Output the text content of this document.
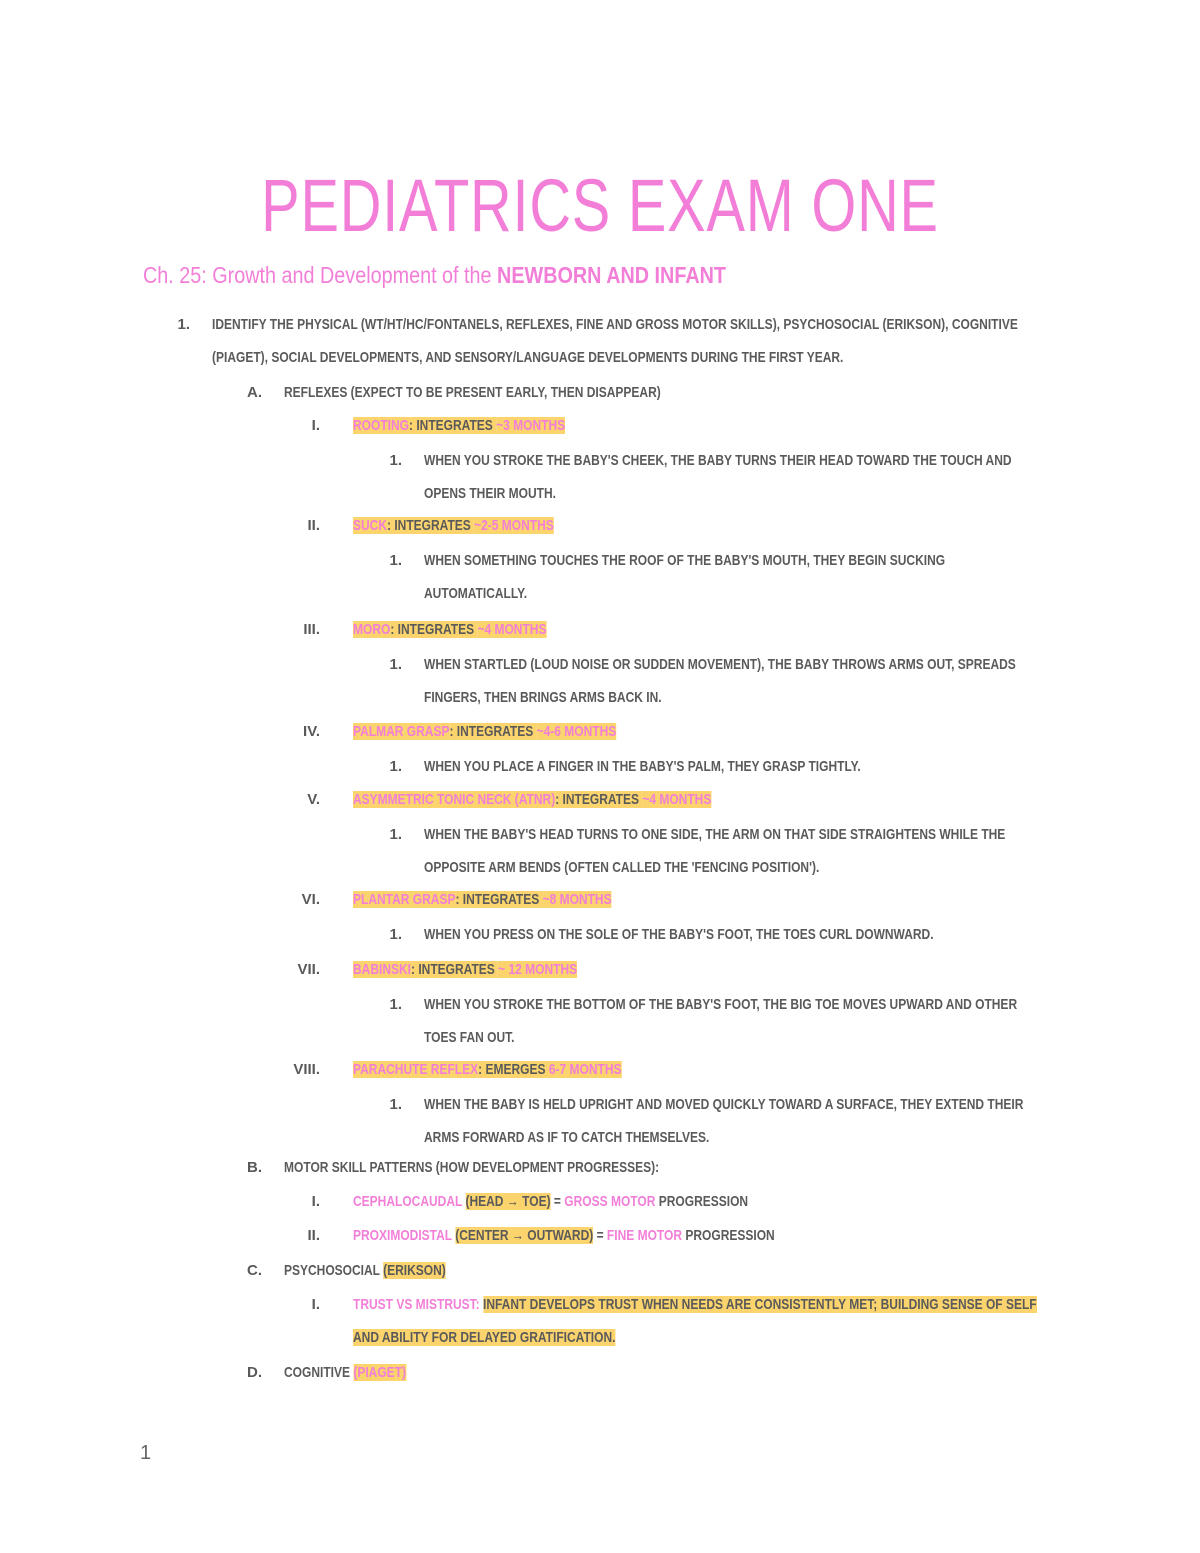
PEDIATRICS EXAM ONE
Ch. 25: Growth and Development of the NEWBORN AND INFANT
1. IDENTIFY THE PHYSICAL (WT/HT/HC/FONTANELS, REFLEXES, FINE AND GROSS MOTOR SKILLS), PSYCHOSOCIAL (ERIKSON), COGNITIVE
(PIAGET), SOCIAL DEVELOPMENTS, AND SENSORY/LANGUAGE DEVELOPMENTS DURING THE FIRST YEAR.
A. REFLEXES (EXPECT TO BE PRESENT EARLY, THEN DISAPPEAR)
I. ROOTING: INTEGRATES ~3 MONTHS
1. WHEN YOU STROKE THE BABY'S CHEEK, THE BABY TURNS THEIR HEAD TOWARD THE TOUCH AND
OPENS THEIR MOUTH.
II. SUCK: INTEGRATES ~2-5 MONTHS
1. WHEN SOMETHING TOUCHES THE ROOF OF THE BABY'S MOUTH, THEY BEGIN SUCKING
AUTOMATICALLY.
III. MORO: INTEGRATES ~4 MONTHS
1. WHEN STARTLED (LOUD NOISE OR SUDDEN MOVEMENT), THE BABY THROWS ARMS OUT, SPREADS
FINGERS, THEN BRINGS ARMS BACK IN.
IV. PALMAR GRASP: INTEGRATES ~4-6 MONTHS
1. WHEN YOU PLACE A FINGER IN THE BABY'S PALM, THEY GRASP TIGHTLY.
V. ASYMMETRIC TONIC NECK (ATNR): INTEGRATES ~4 MONTHS
1. WHEN THE BABY'S HEAD TURNS TO ONE SIDE, THE ARM ON THAT SIDE STRAIGHTENS WHILE THE
OPPOSITE ARM BENDS (OFTEN CALLED THE 'FENCING POSITION').
VI. PLANTAR GRASP: INTEGRATES ~8 MONTHS
1. WHEN YOU PRESS ON THE SOLE OF THE BABY'S FOOT, THE TOES CURL DOWNWARD.
VII. BABINSKI: INTEGRATES ~ 12 MONTHS
1. WHEN YOU STROKE THE BOTTOM OF THE BABY'S FOOT, THE BIG TOE MOVES UPWARD AND OTHER
TOES FAN OUT.
VIII. PARACHUTE REFLEX: EMERGES 6-7 MONTHS
1. WHEN THE BABY IS HELD UPRIGHT AND MOVED QUICKLY TOWARD A SURFACE, THEY EXTEND THEIR
ARMS FORWARD AS IF TO CATCH THEMSELVES.
B. MOTOR SKILL PATTERNS (HOW DEVELOPMENT PROGRESSES):
I. CEPHALOCAUDAL (HEAD → TOE) = GROSS MOTOR PROGRESSION
II. PROXIMODISTAL (CENTER → OUTWARD) = FINE MOTOR PROGRESSION
C. PSYCHOSOCIAL (ERIKSON)
I. TRUST VS MISTRUST: INFANT DEVELOPS TRUST WHEN NEEDS ARE CONSISTENTLY MET; BUILDING SENSE OF SELF
AND ABILITY FOR DELAYED GRATIFICATION.
D. COGNITIVE (PIAGET)
1
